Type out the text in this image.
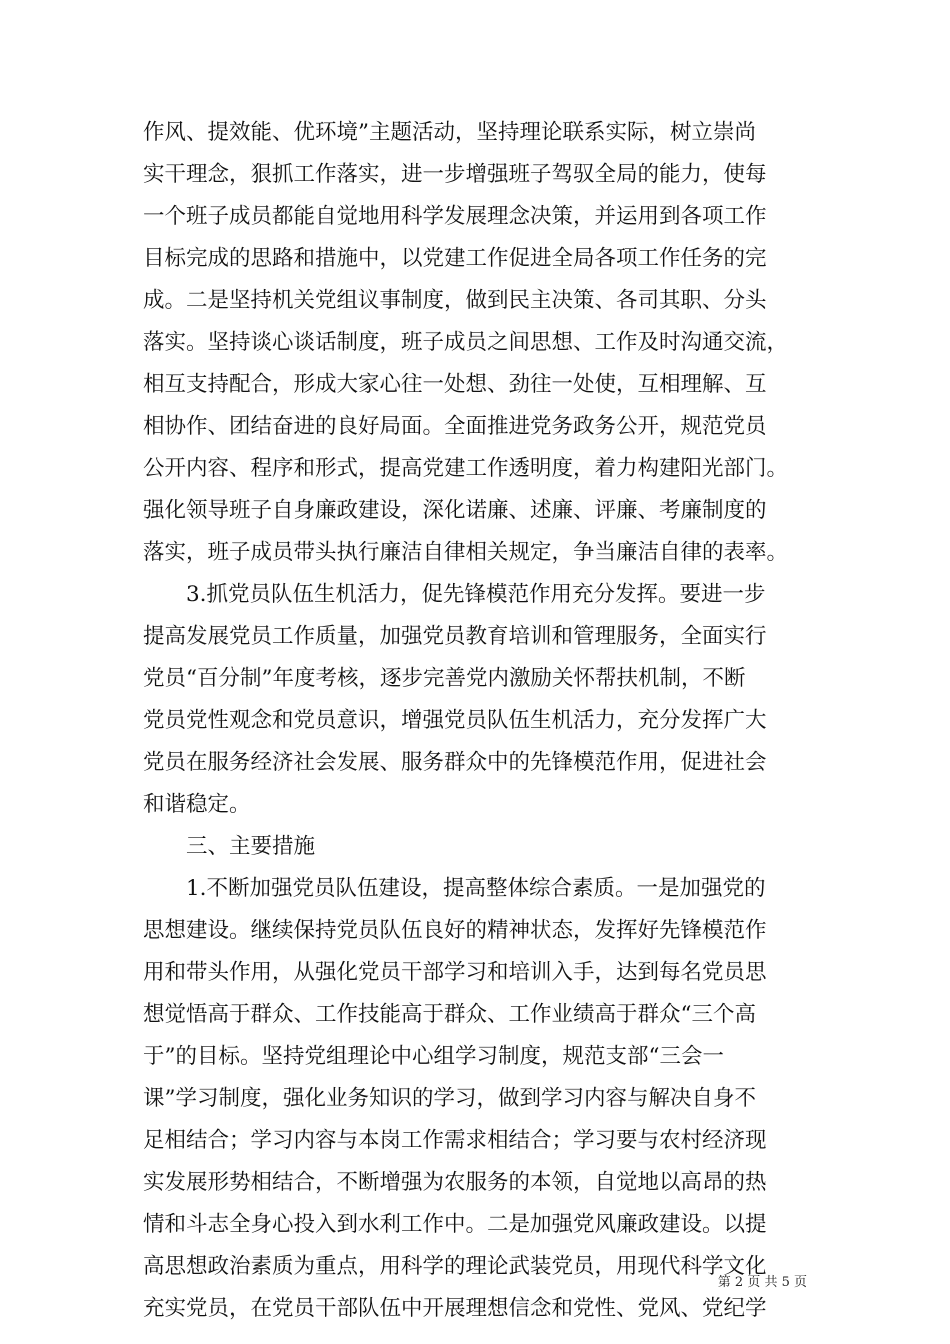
作风、提效能、优环境”主题活动，坚持理论联系实际，树立崇尚
实干理念，狠抓工作落实，进一步增强班子驾驭全局的能力，使每
一个班子成员都能自觉地用科学发展理念决策，并运用到各项工作
目标完成的思路和措施中，以党建工作促进全局各项工作任务的完
成。二是坚持机关党组议事制度，做到民主决策、各司其职、分头
落实。坚持谈心谈话制度，班子成员之间思想、工作及时沟通交流，
相互支持配合，形成大家心往一处想、劲往一处使，互相理解、互
相协作、团结奋进的良好局面。全面推进党务政务公开，规范党员
公开内容、程序和形式，提高党建工作透明度，着力构建阳光部门。
强化领导班子自身廉政建设，深化诺廉、述廉、评廉、考廉制度的
落实，班子成员带头执行廉洁自律相关规定，争当廉洁自律的表率。
3.抓党员队伍生机活力，促先锋模范作用充分发挥。要进一步
提高发展党员工作质量，加强党员教育培训和管理服务，全面实行
党员“百分制”年度考核，逐步完善党内激励关怀帮扶机制，不断
党员党性观念和党员意识，增强党员队伍生机活力，充分发挥广大
党员在服务经济社会发展、服务群众中的先锋模范作用，促进社会
和谐稳定。
三、主要措施
1.不断加强党员队伍建设，提高整体综合素质。一是加强党的
思想建设。继续保持党员队伍良好的精神状态，发挥好先锋模范作
用和带头作用，从强化党员干部学习和培训入手，达到每名党员思
想觉悟高于群众、工作技能高于群众、工作业绩高于群众“三个高
于”的目标。坚持党组理论中心组学习制度，规范支部“三会一
课”学习制度，强化业务知识的学习，做到学习内容与解决自身不
足相结合；学习内容与本岗工作需求相结合；学习要与农村经济现
实发展形势相结合，不断增强为农服务的本领，自觉地以高昂的热
情和斗志全身心投入到水利工作中。二是加强党风廉政建设。以提
高思想政治素质为重点，用科学的理论武装党员，用现代科学文化
充实党员，在党员干部队伍中开展理想信念和党性、党风、党纪学
第 2 页 共 5 页
